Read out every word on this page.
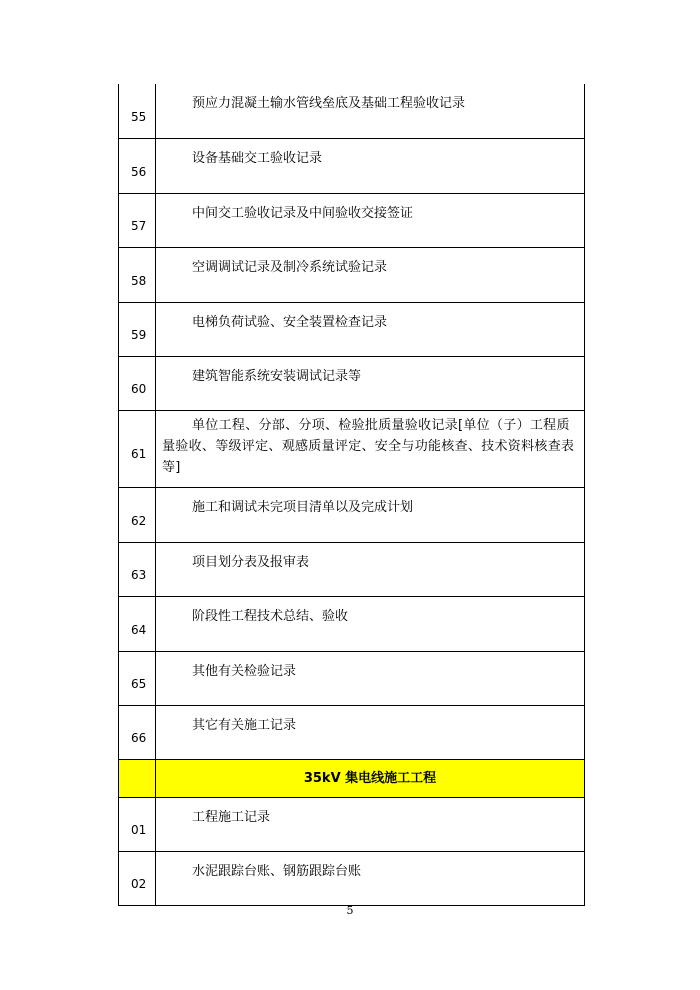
55
预应力混凝土输水管线垒底及基础工程验收记录
56
设备基础交工验收记录
57
中间交工验收记录及中间验收交接签证
58
空调调试记录及制冷系统试验记录
59
电梯负荷试验、安全装置检查记录
60
建筑智能系统安装调试记录等
61
单位工程、分部、分项、检验批质量验收记录[单位（子）工程质量验收、等级评定、观感质量评定、安全与功能核查、技术资料核查表等]
62
施工和调试未完项目清单以及完成计划
63
项目划分表及报审表
64
阶段性工程技术总结、验收
65
其他有关检验记录
66
其它有关施工记录
35kV 集电线施工工程
01
工程施工记录
02
水泥跟踪台账、钢筋跟踪台账
5
